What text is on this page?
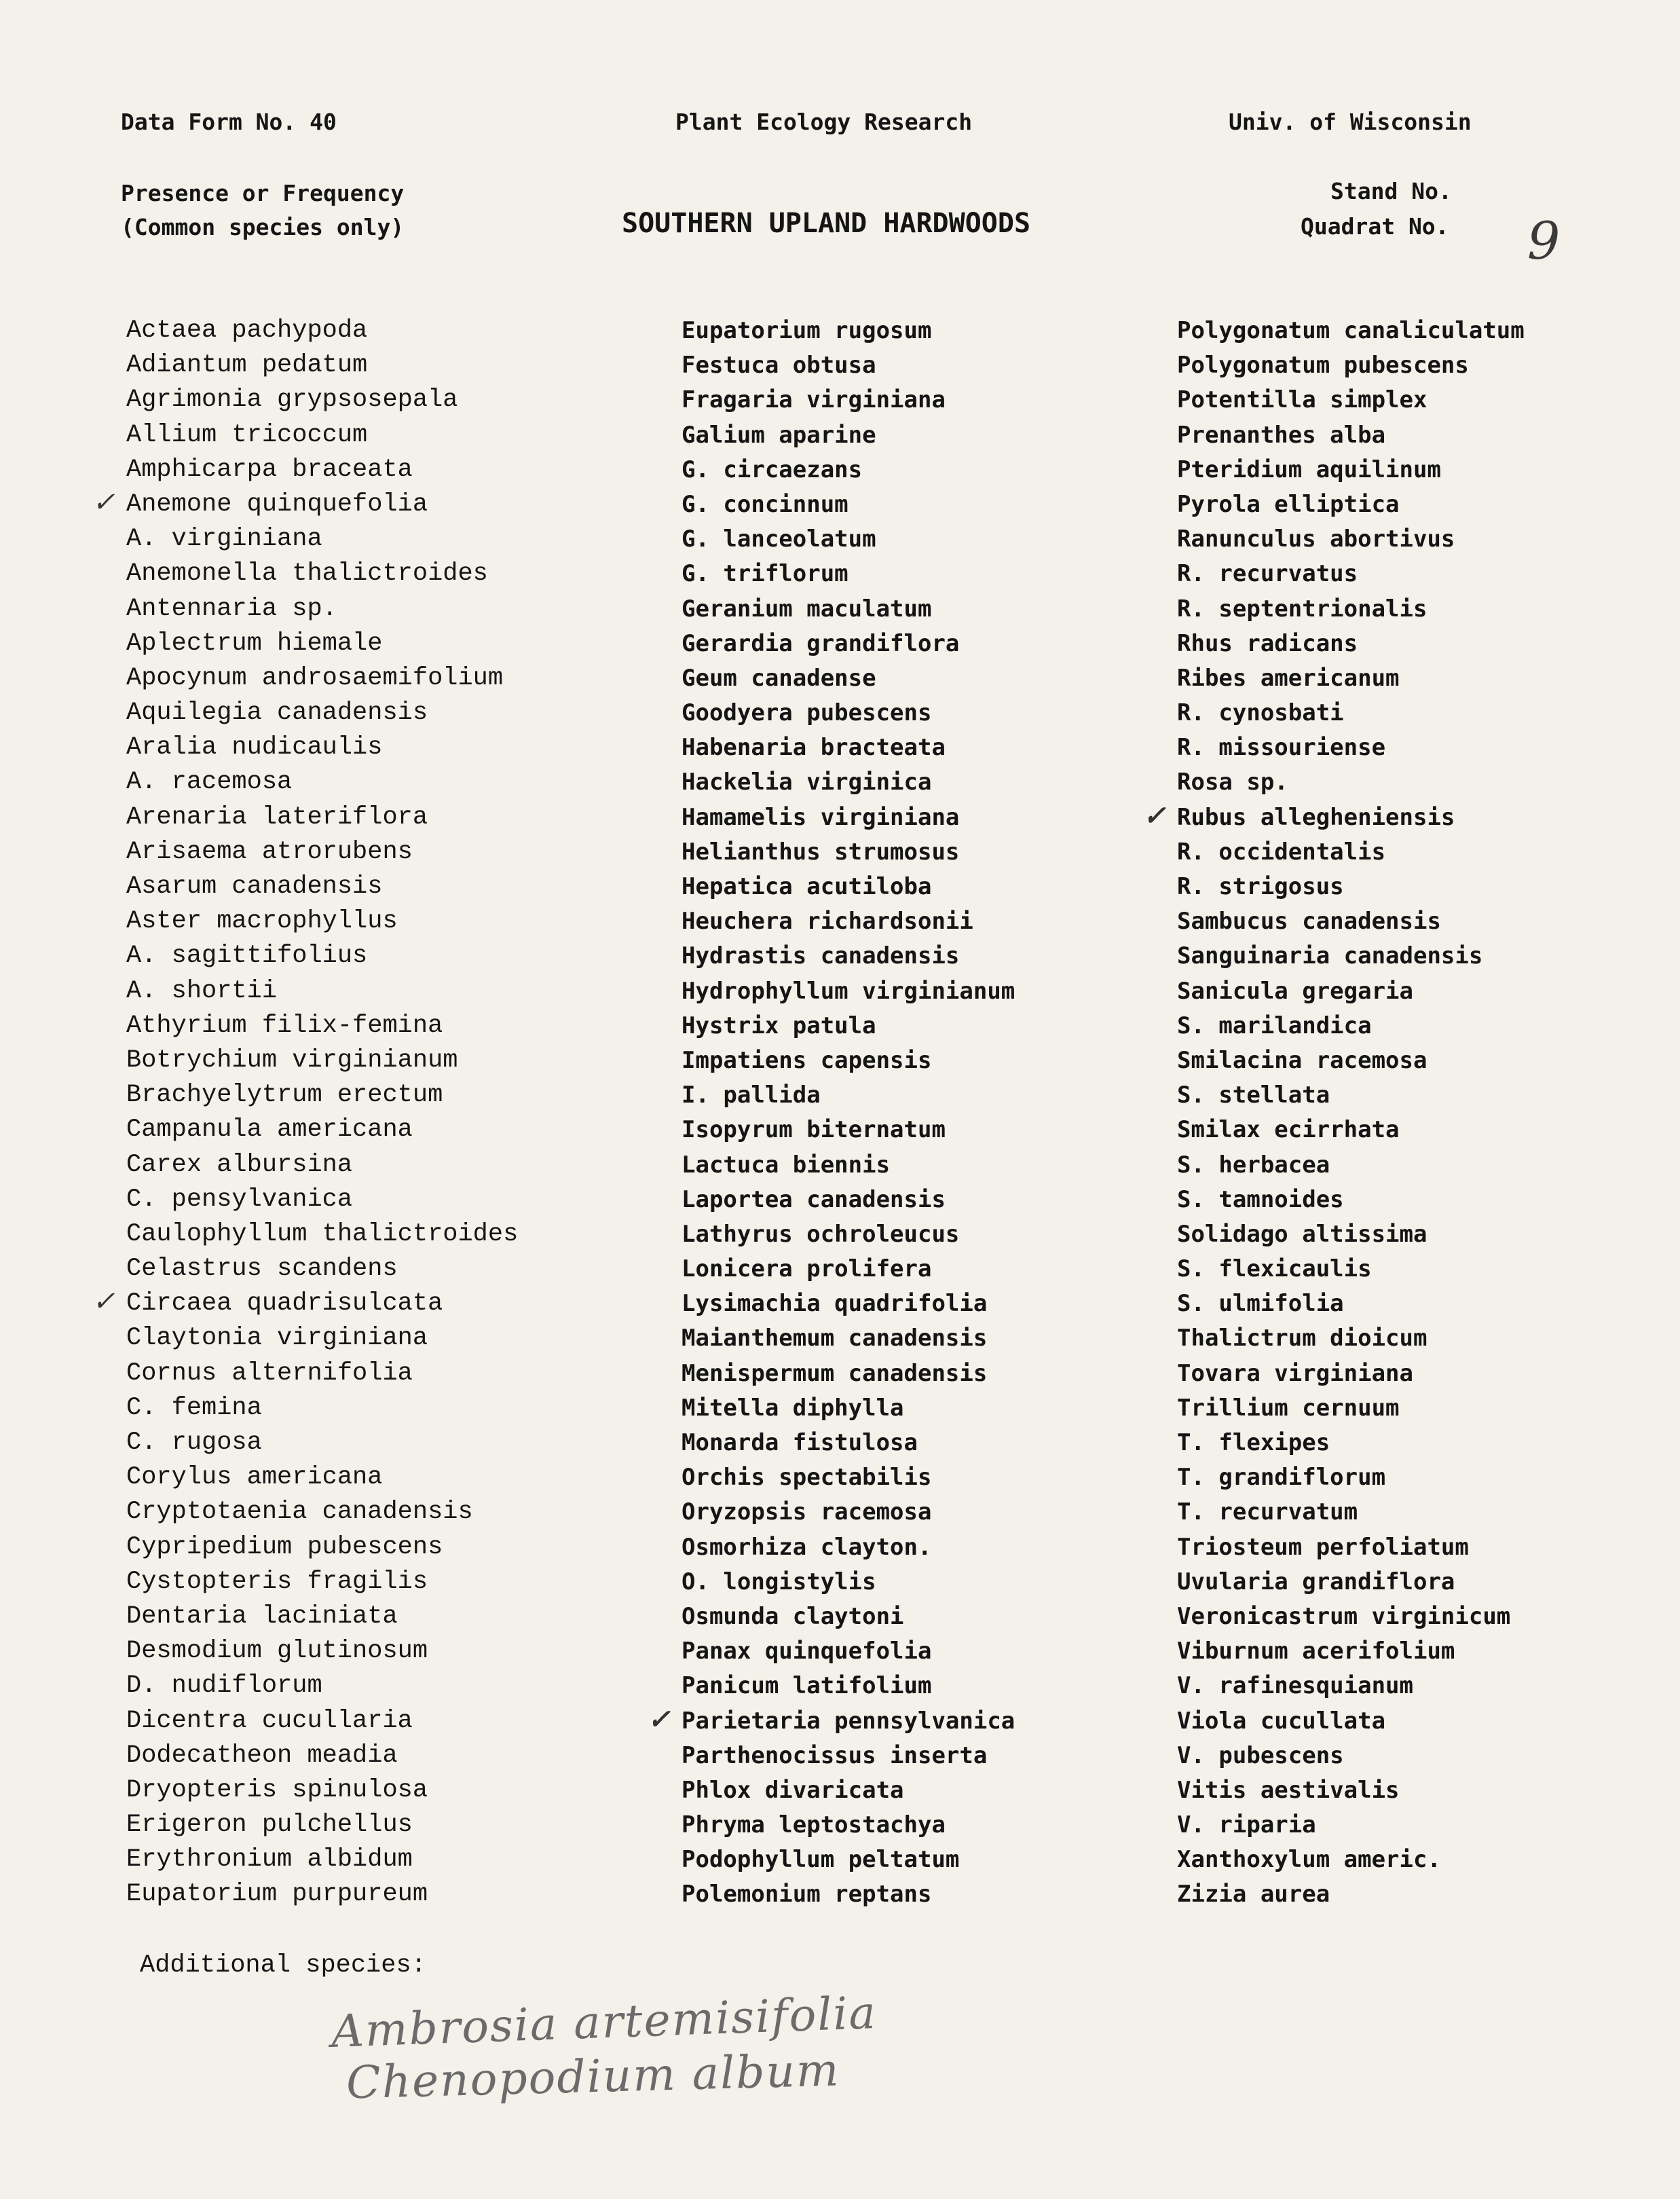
Data Form No. 40	Plant Ecology Research	Univ. of Wisconsin
Presence or Frequency
(Common species only)	SOUTHERN UPLAND HARDWOODS
Stand No.
Quadrat No. 9
Actaea pachypoda
Adiantum pedatum
Agrimonia grypsosepala
Allium tricoccum
Amphicarpa braceata
✓ Anemone quinquefolia
A. virginiana
Anemonella thalictroides
Antennaria sp.
Aplectrum hiemale
Apocynum androsaemifolium
Aquilegia canadensis
Aralia nudicaulis
A. racemosa
Arenaria lateriflora
Arisaema atrorubens
Asarum canadensis
Aster macrophyllus
A. sagittifolius
A. shortii
Athyrium filix-femina
Botrychium virginianum
Brachyelytrum erectum
Campanula americana
Carex albursina
C. pensylvanica
Caulophyllum thalictroides
Celastrus scandens
✓ Circaea quadrisulcata
Claytonia virginiana
Cornus alternifolia
C. femina
C. rugosa
Corylus americana
Cryptotaenia canadensis
Cypripedium pubescens
Cystopteris fragilis
Dentaria laciniata
Desmodium glutinosum
D. nudiflorum
Dicentra cucullaria
Dodecatheon meadia
Dryopteris spinulosa
Erigeron pulchellus
Erythronium albidum
Eupatorium purpureum
Eupatorium rugosum
Festuca obtusa
Fragaria virginiana
Galium aparine
G. circaezans
G. concinnum
G. lanceolatum
G. triflorum
Geranium maculatum
Gerardia grandiflora
Geum canadense
Goodyera pubescens
Habenaria bracteata
Hackelia virginica
Hamamelis virginiana
Helianthus strumosus
Hepatica acutiloba
Heuchera richardsonii
Hydrastis canadensis
Hydrophyllum virginianum
Hystrix patula
Impatiens capensis
I. pallida
Isopyrum biternatum
Lactuca biennis
Laportea canadensis
Lathyrus ochroleucus
Lonicera prolifera
Lysimachia quadrifolia
Maianthemum canadensis
Menispermum canadensis
Mitella diphylla
Monarda fistulosa
Orchis spectabilis
Oryzopsis racemosa
Osmorhiza clayton.
O. longistylis
Osmunda claytoni
Panax quinquefolia
Panicum latifolium
✓ Parietaria pennsylvanica
Parthenocissus inserta
Phlox divaricata
Phryma leptostachya
Podophyllum peltatum
Polemonium reptans
Polygonatum canaliculatum
Polygonatum pubescens
Potentilla simplex
Prenanthes alba
Pteridium aquilinum
Pyrola elliptica
Ranunculus abortivus
R. recurvatus
R. septentrionalis
Rhus radicans
Ribes americanum
R. cynosbati
R. missouriense
Rosa sp.
✓ Rubus allegheniensis
R. occidentalis
R. strigosus
Sambucus canadensis
Sanguinaria canadensis
Sanicula gregaria
S. marilandica
Smilacina racemosa
S. stellata
Smilax ecirrhata
S. herbacea
S. tamnoides
Solidago altissima
S. flexicaulis
S. ulmifolia
Thalictrum dioicum
Tovara virginiana
Trillium cernuum
T. flexipes
T. grandiflorum
T. recurvatum
Triosteum perfoliatum
Uvularia grandiflora
Veronicastrum virginicum
Viburnum acerifolium
V. rafinesquianum
Viola cucullata
V. pubescens
Vitis aestivalis
V. riparia
Xanthoxylum americ.
Zizia aurea
Additional species:
Ambrosia artemisifolia
Chenopodium album
